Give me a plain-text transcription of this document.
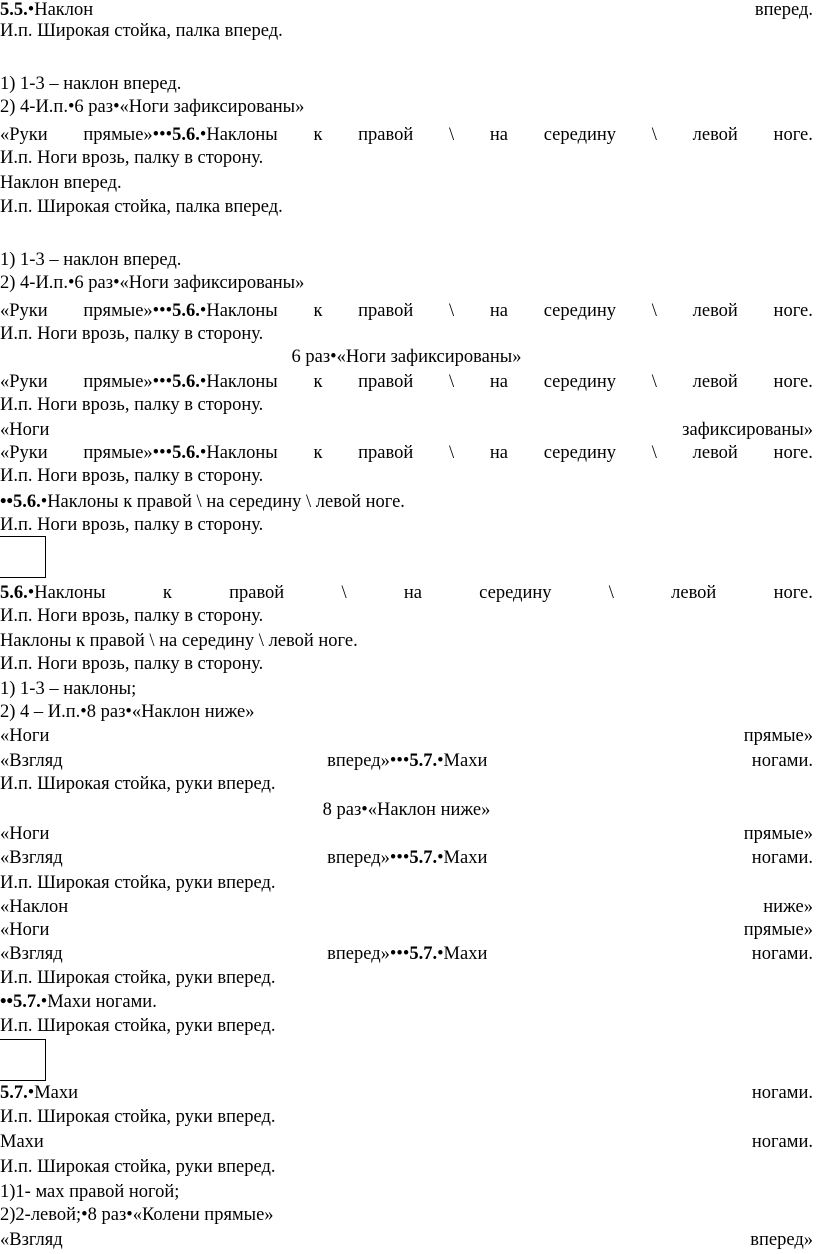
5.5.•Наклон	вперед.
И.п. Широкая стойка, палка вперед.
1) 1-3 – наклон вперед.
2) 4-И.п.•6 раз•«Ноги зафиксированы»
«Руки прямые»•••5.6.•Наклоны к правой \ на середину \ левой ноге.
И.п. Ноги врозь, палку в сторону.
Наклон вперед.
И.п. Широкая стойка, палка вперед.
1) 1-3 – наклон вперед.
2) 4-И.п.•6 раз•«Ноги зафиксированы»
«Руки прямые»•••5.6.•Наклоны к правой \ на середину \ левой ноге.
И.п. Ноги врозь, палку в сторону.
6 раз•«Ноги зафиксированы»
«Руки прямые»•••5.6.•Наклоны к правой \ на середину \ левой ноге.
И.п. Ноги врозь, палку в сторону.
«Ноги	зафиксированы»
«Руки прямые»•••5.6.•Наклоны к правой \ на середину \ левой ноге.
И.п. Ноги врозь, палку в сторону.
••5.6.•Наклоны к правой \ на середину \ левой ноге.
И.п. Ноги врозь, палку в сторону.
5.6.•Наклоны	к	правой	\	на	середину	\	левой	ноге.
И.п. Ноги врозь, палку в сторону.
Наклоны к правой \ на середину \ левой ноге.
И.п. Ноги врозь, палку в сторону.
1) 1-3 – наклоны;
2) 4 – И.п.•8 раз•«Наклон ниже»
«Ноги	прямые»
«Взгляд	вперед»•••5.7.•Махи	ногами.
И.п. Широкая стойка, руки вперед.
8 раз•«Наклон ниже»
«Ноги	прямые»
«Взгляд	вперед»•••5.7.•Махи	ногами.
И.п. Широкая стойка, руки вперед.
«Наклон	ниже»
«Ноги	прямые»
«Взгляд	вперед»•••5.7.•Махи	ногами.
И.п. Широкая стойка, руки вперед.
••5.7.•Махи ногами.
И.п. Широкая стойка, руки вперед.
5.7.•Махи	ногами.
И.п. Широкая стойка, руки вперед.
Махи	ногами.
И.п. Широкая стойка, руки вперед.
1)1- мах правой ногой;
2)2-левой;•8 раз•«Колени прямые»
«Взгляд	вперед»
